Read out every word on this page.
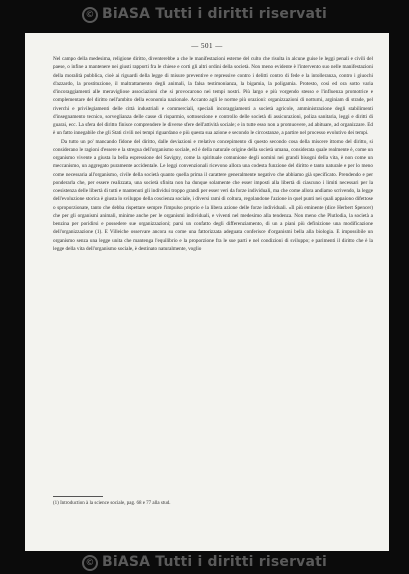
© BiASA Tutti i diritti riservati
— 501 —

Nel campo della medesima, religione diritto, diventerebbe a che le manifestazioni esterne del culto che risulta in alcune guise le leggi penali e civili del paese, o infine a mantenere nei giusti rapporti fra le chiese e corti gli altri ordini della società. Non meno evidente è l'intervento suo nelle manifestazioni della moralità pubblica, cioè ai riguardi della legge di misure preventive e repressive contro i delitti contro di fede e la intolleranza, contro i giuochi d'azzardo, la prostituzione, il maltrattamento degli animali, la falsa testimonianza, la bigamia, la poligamia. Protesto, così ed ora sotto varia d'incoraggiamenti alle meravigliose associazioni che si provocarono nei tempi nostri. Più largo e più vorgendo stesso e l'influenza promotrice e complementare del diritto nell'ambito della economia nazionale. Accanto agli le norme più orazioni: organizzazioni di notturni, arginiam di strade, pel riverchi e privilegiamenti delle città industriali e commerciali, speciali incoraggiamenti a società agricole, amministrazione degli stabilimenti d'insegnamento tecnico, sorveglianza delle casse di risparmio, sottosezione e controllo delle società di assicurazioni, poliza sanitaria, leggi e diritti di guarai, ecc. La sfera del diritto finisce comprendere le diverse sfere dell'attività sociale; e in tutte esso non a promuovere, ad abituare, ad organizzare. Ed è un fatto innegabile che gli Stati civili nei tempi riguardano e più questa sua azione e secondo le circostanze, a partire nel processo evolutivo dei tempi.

Da tutto un po' mancando fidone del diritto, dalle deviazioni e rrelativo concepimento di questo secondo cosa della miscere ittorno del diritto, si considerano le ragioni d'essere e la stregua dell'organismo sociale, ed è della naturale origine della società umana, considerata quale realmente è, come un organismo vivente a giusta la bella espressione del Savigny, come la spirituale comunione degli uomini nei grandi bisogni della vita, è non come un meccanismo, un aggregato puramente accidentale. Le leggi convenzionali ricevono allora una codesta funzione del diritto e tanto naturale e per lo meno come necessaria all'organismo, civile della società quanto quella prima il carattere generalmente negativo che abbiamo già specificato. Prendendo e per ponderarla che, per essere realizzata, una società sfinita non ha dunque solamente che esser imposti alla libertà di ciascuno i limiti necessari per la coesistenza delle libertà di tutti e mantenuti gli individui troppo grandi per esser veri da forze individuali, ma che come allora andiamo scrivendo, la legge dell'evoluzione storica è giusta lo sviluppo della coscienza sociale, i diversi rami di coltura, regolandone l'azione in quel punti nei quali appaiono difettose o sproporzionate, tanto che debba rispettare sempre l'impulso proprio e la libera azione delle forze individuali. «Il più eminente (dice Herbert Spencer) che per gli organismi animali, minime anche per le organismi individuali, e viventi nel medesimo alla tendenza. Non meno che Plutlodia, la società a benzina per poridirsi e possedere sue organizzazioni; parsi un confatto degli differenziamento, di un a piani più definizione una modificazione dell'organizzazione (1). E Villeiche osservare ancora su come una fattorizzata adeguata conferisce d'organismi bella alla biologia. E impossibile un organismo senza una legge unita che mantenga l'equilibrio e la proporzione fra le sue parti e nel condizioni di sviluppo; e parimenti il diritto che è la legge della vita dell'organismo sociale, è destinato naturalmente, voglio

(1) Introduction à la science sociale, pag. 68 e 77 alla stud.
© BiASA Tutti i diritti riservati
